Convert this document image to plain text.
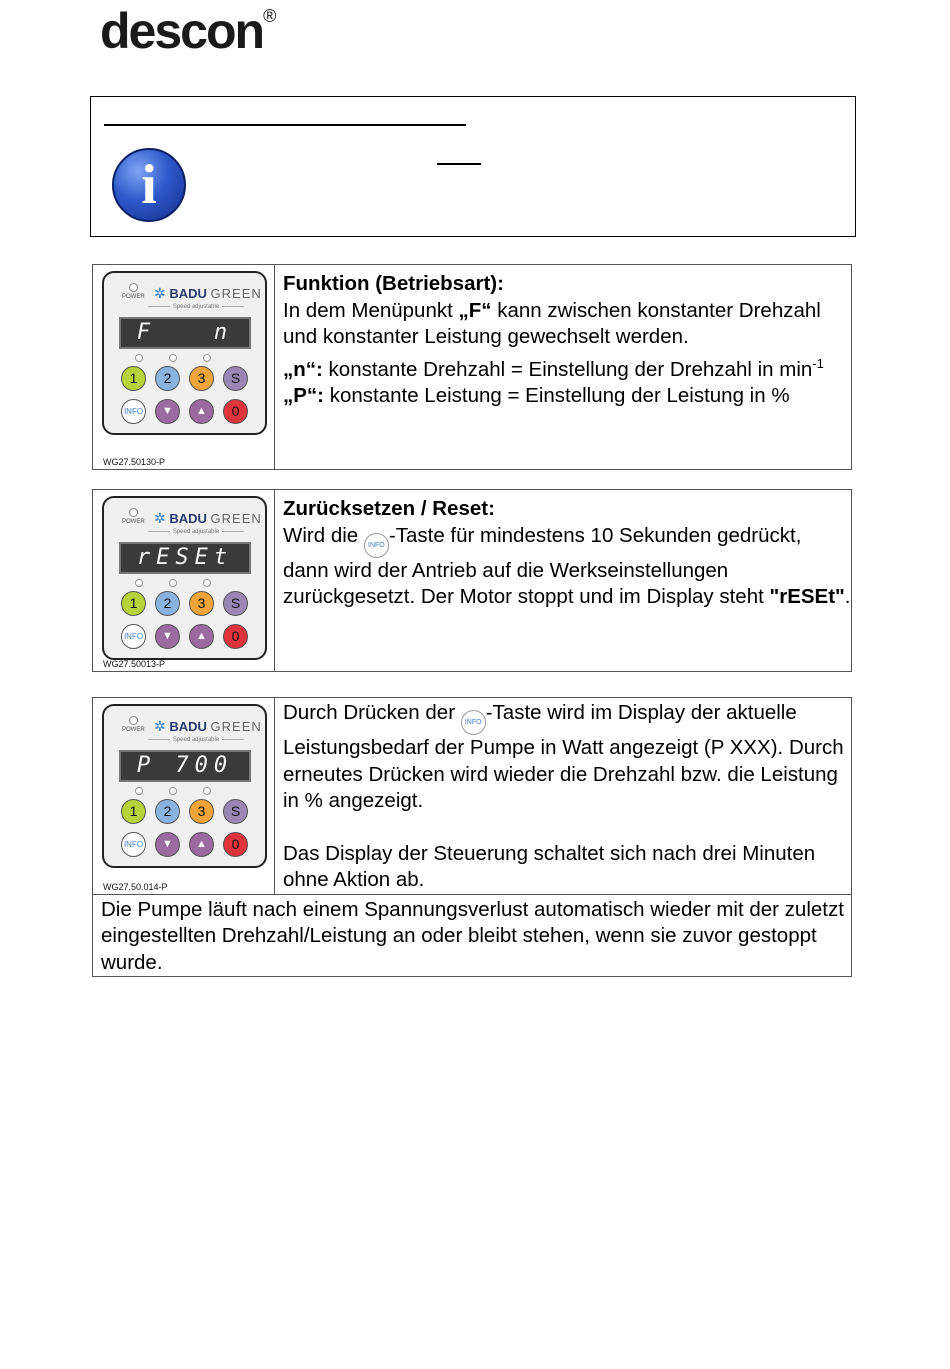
descon®
i
POWER ✲ BADU GREEN
Speed adjustable
F   n
1	2	3	S
INFO	▼	▲	0
WG27.50130-P

Funktion (Betriebsart):
In dem Menüpunkt „F“ kann zwischen konstanter Drehzahl und konstanter Leistung gewechselt werden.
„n“: konstante Drehzahl = Einstellung der Drehzahl in $\min^{-1}$
„P“: konstante Leistung = Einstellung der Leistung in %
POWER ✲ BADU GREEN
Speed adjustable
rESEt
1	2	3	S
INFO	▼	▲	0
WG27.50013-P

Zurücksetzen / Reset:
Wird die INFO -Taste für mindestens 10 Sekunden gedrückt, dann wird der Antrieb auf die Werkseinstellungen zurückgesetzt. Der Motor stoppt und im Display steht "rESEt".
POWER ✲ BADU GREEN
Speed adjustable
P 700
1	2	3	S
INFO	▼	▲	0
WG27.50.014-P

Durch Drücken der INFO -Taste wird im Display der aktuelle Leistungsbedarf der Pumpe in Watt angezeigt (P XXX). Durch erneutes Drücken wird wieder die Drehzahl bzw. die Leistung in % angezeigt.
Das Display der Steuerung schaltet sich nach drei Minuten ohne Aktion ab.

Die Pumpe läuft nach einem Spannungsverlust automatisch wieder mit der zuletzt eingestellten Drehzahl/Leistung an oder bleibt stehen, wenn sie zuvor gestoppt wurde.
